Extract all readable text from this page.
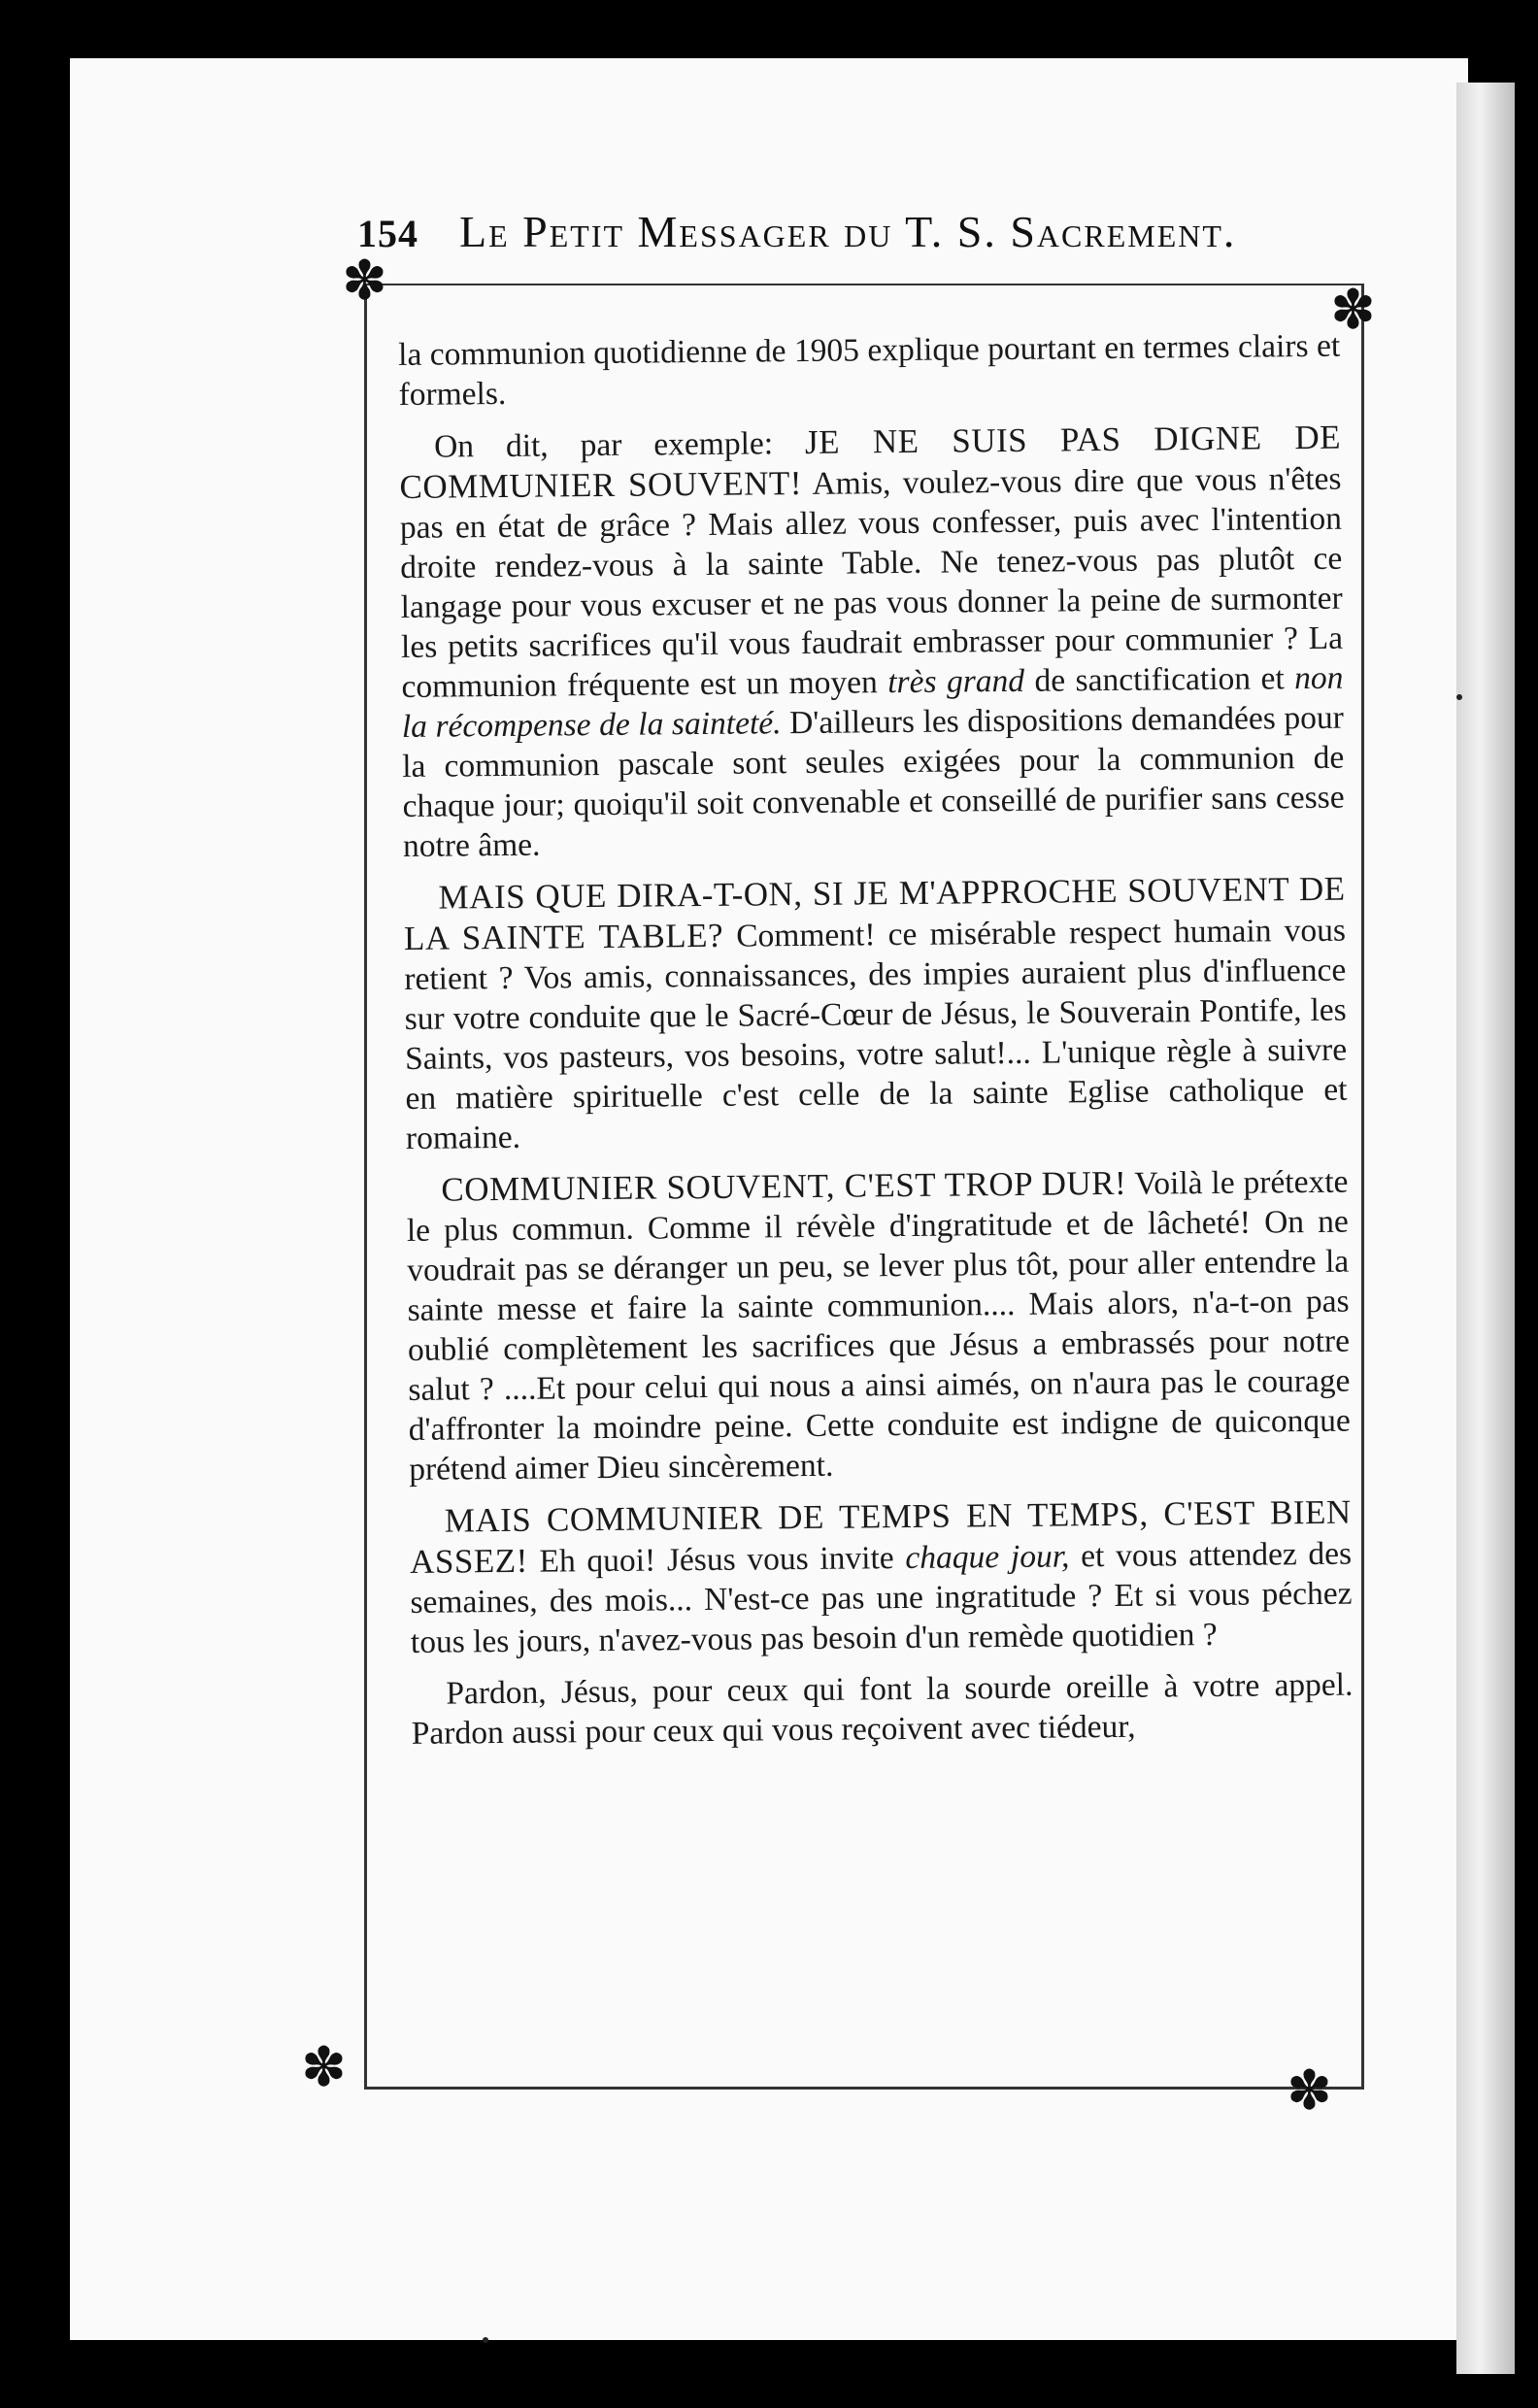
154 Le Petit Messager du T. S. Sacrement.
✽	✽
✽	✽

la communion quotidienne de 1905 explique pourtant en termes clairs et formels.

On dit, par exemple: JE NE SUIS PAS DIGNE DE COMMUNIER SOUVENT! Amis, voulez-vous dire que vous n'êtes pas en état de grâce ? Mais allez vous confesser, puis avec l'intention droite rendez-vous à la sainte Table. Ne tenez-vous pas plutôt ce langage pour vous excuser et ne pas vous donner la peine de surmonter les petits sacrifices qu'il vous faudrait embrasser pour communier ? La communion fréquente est un moyen très grand de sanctification et non la récompense de la sainteté. D'ailleurs les dispositions demandées pour la communion pascale sont seules exigées pour la communion de chaque jour; quoiqu'il soit convenable et conseillé de purifier sans cesse notre âme.

MAIS QUE DIRA-T-ON, SI JE M'APPROCHE SOUVENT DE LA SAINTE TABLE? Comment! ce misérable respect humain vous retient ? Vos amis, connaissances, des impies auraient plus d'influence sur votre conduite que le Sacré-Cœur de Jésus, le Souverain Pontife, les Saints, vos pasteurs, vos besoins, votre salut!... L'unique règle à suivre en matière spirituelle c'est celle de la sainte Eglise catholique et romaine.

COMMUNIER SOUVENT, C'EST TROP DUR! Voilà le prétexte le plus commun. Comme il révèle d'ingratitude et de lâcheté! On ne voudrait pas se déranger un peu, se lever plus tôt, pour aller entendre la sainte messe et faire la sainte communion.... Mais alors, n'a-t-on pas oublié complètement les sacrifices que Jésus a embrassés pour notre salut ? ....Et pour celui qui nous a ainsi aimés, on n'aura pas le courage d'affronter la moindre peine. Cette conduite est indigne de quiconque prétend aimer Dieu sincèrement.

MAIS COMMUNIER DE TEMPS EN TEMPS, C'EST BIEN ASSEZ! Eh quoi! Jésus vous invite chaque jour, et vous attendez des semaines, des mois... N'est-ce pas une ingratitude ? Et si vous péchez tous les jours, n'avez-vous pas besoin d'un remède quotidien ?

Pardon, Jésus, pour ceux qui font la sourde oreille à votre appel. Pardon aussi pour ceux qui vous reçoivent avec tiédeur,
